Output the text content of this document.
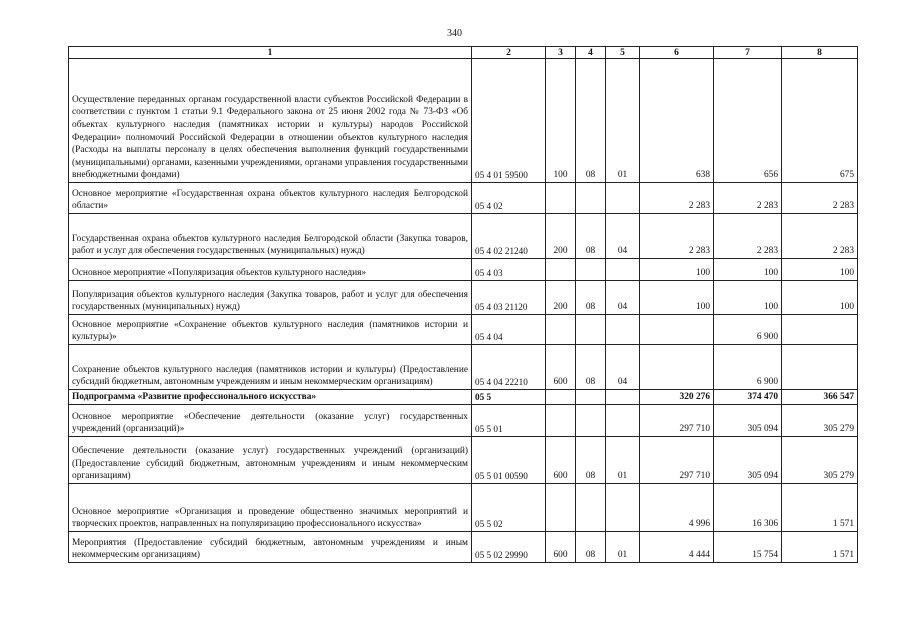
340
1	2	3	4	5	6	7	8
Осуществление переданных органам государственной власти субъектов Российской Федерации в соответствии с пунктом 1 статьи 9.1 Федерального закона от 25 июня 2002 года № 73-ФЗ «Об объектах культурного наследия (памятниках истории и культуры) народов Российской Федерации» полномочий Российской Федерации в отношении объектов культурного наследия (Расходы на выплаты персоналу в целях обеспечения выполнения функций государственными (муниципальными) органами, казенными учреждениями, органами управления государственными внебюджетными фондами)	05 4 01 59500	100	08	01	638	656	675
Основное мероприятие «Государственная охрана объектов культурного наследия Белгородской области»	05 4 02				2 283	2 283	2 283
Государственная охрана объектов культурного наследия Белгородской области (Закупка товаров, работ и услуг для обеспечения государственных (муниципальных) нужд)	05 4 02 21240	200	08	04	2 283	2 283	2 283
Основное мероприятие «Популяризация объектов культурного наследия»	05 4 03				100	100	100
Популяризация объектов культурного наследия (Закупка товаров, работ и услуг для обеспечения государственных (муниципальных) нужд)	05 4 03 21120	200	08	04	100	100	100
Основное мероприятие «Сохранение объектов культурного наследия (памятников истории и культуры)»	05 4 04					6 900	
Сохранение объектов культурного наследия (памятников истории и культуры) (Предоставление субсидий бюджетным, автономным учреждениям и иным некоммерческим организациям)	05 4 04 22210	600	08	04		6 900	
Подпрограмма «Развитие профессионального искусства»	05 5				320 276	374 470	366 547
Основное мероприятие «Обеспечение деятельности (оказание услуг) государственных учреждений (организаций)»	05 5 01				297 710	305 094	305 279
Обеспечение деятельности (оказание услуг) государственных учреждений (организаций) (Предоставление субсидий бюджетным, автономным учреждениям и иным некоммерческим организациям)	05 5 01 00590	600	08	01	297 710	305 094	305 279
Основное мероприятие «Организация и проведение общественно значимых мероприятий и творческих проектов, направленных на популяризацию профессионального искусства»	05 5 02				4 996	16 306	1 571
Мероприятия (Предоставление субсидий бюджетным, автономным учреждениям и иным некоммерческим организациям)	05 5 02 29990	600	08	01	4 444	15 754	1 571
